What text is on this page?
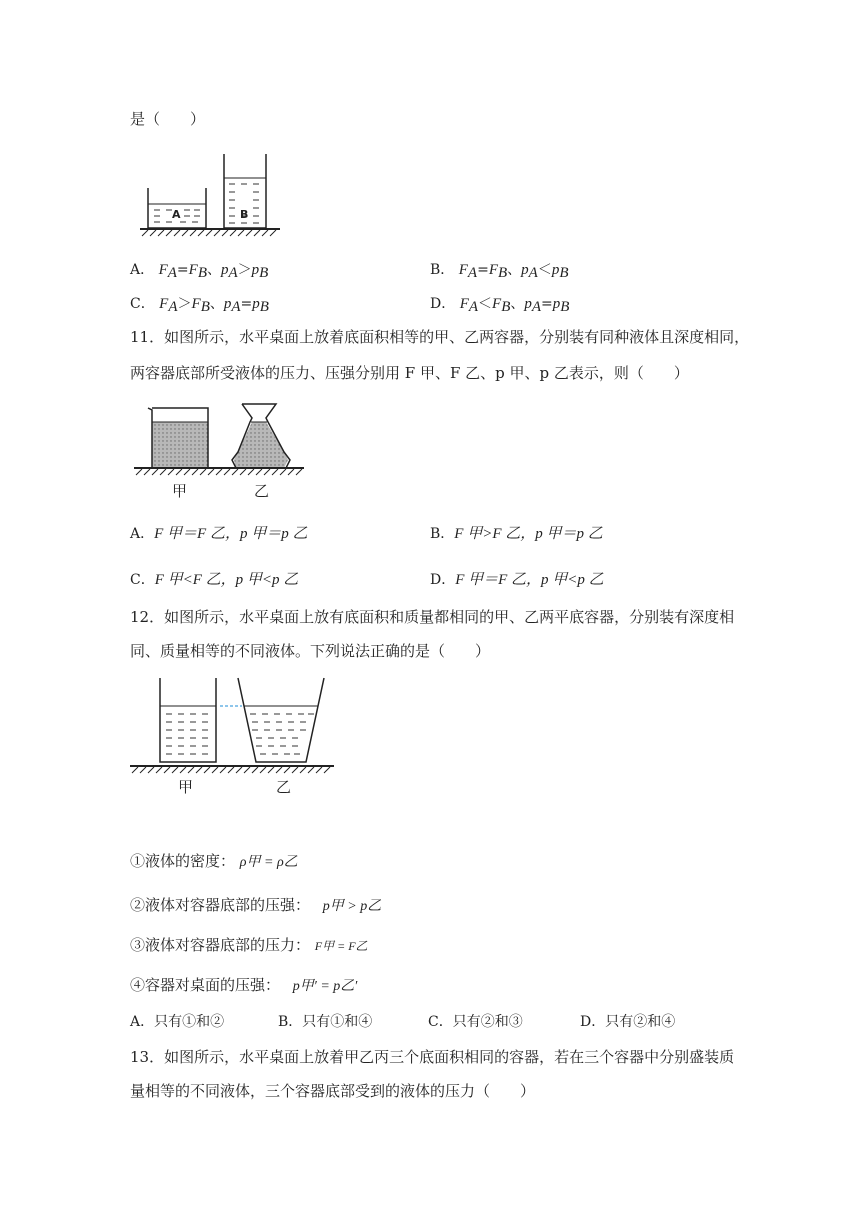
是（　　）
A	B
A． $F_A=F_B$、$p_A>p_B$	B． $F_A=F_B$、$p_A<p_B$
C． $F_A>F_B$、$p_A=p_B$	D． $F_A<F_B$、$p_A=p_B$
11．如图所示，水平桌面上放着底面积相等的甲、乙两容器，分别装有同种液体且深度相同，
两容器底部所受液体的压力、压强分别用 F 甲、F 乙、p 甲、p 乙表示，则（　　）
甲	乙
A．F 甲＝F 乙，p 甲＝p 乙	B．F 甲>F 乙，p 甲＝p 乙
C．F 甲<F 乙，p 甲<p 乙	D．F 甲＝F 乙，p 甲<p 乙
12．如图所示，水平桌面上放有底面积和质量都相同的甲、乙两平底容器，分别装有深度相
同、质量相等的不同液体。下列说法正确的是（　　）
甲	乙
①液体的密度： ρ甲 = ρ乙
②液体对容器底部的压强： p甲 > p乙
③液体对容器底部的压力： F甲 = F乙
④容器对桌面的压强： p甲′ = p乙′
A．只有①和②	B．只有①和④	C．只有②和③	D．只有②和④
13．如图所示，水平桌面上放着甲乙丙三个底面积相同的容器，若在三个容器中分别盛装质
量相等的不同液体，三个容器底部受到的液体的压力（　　）
